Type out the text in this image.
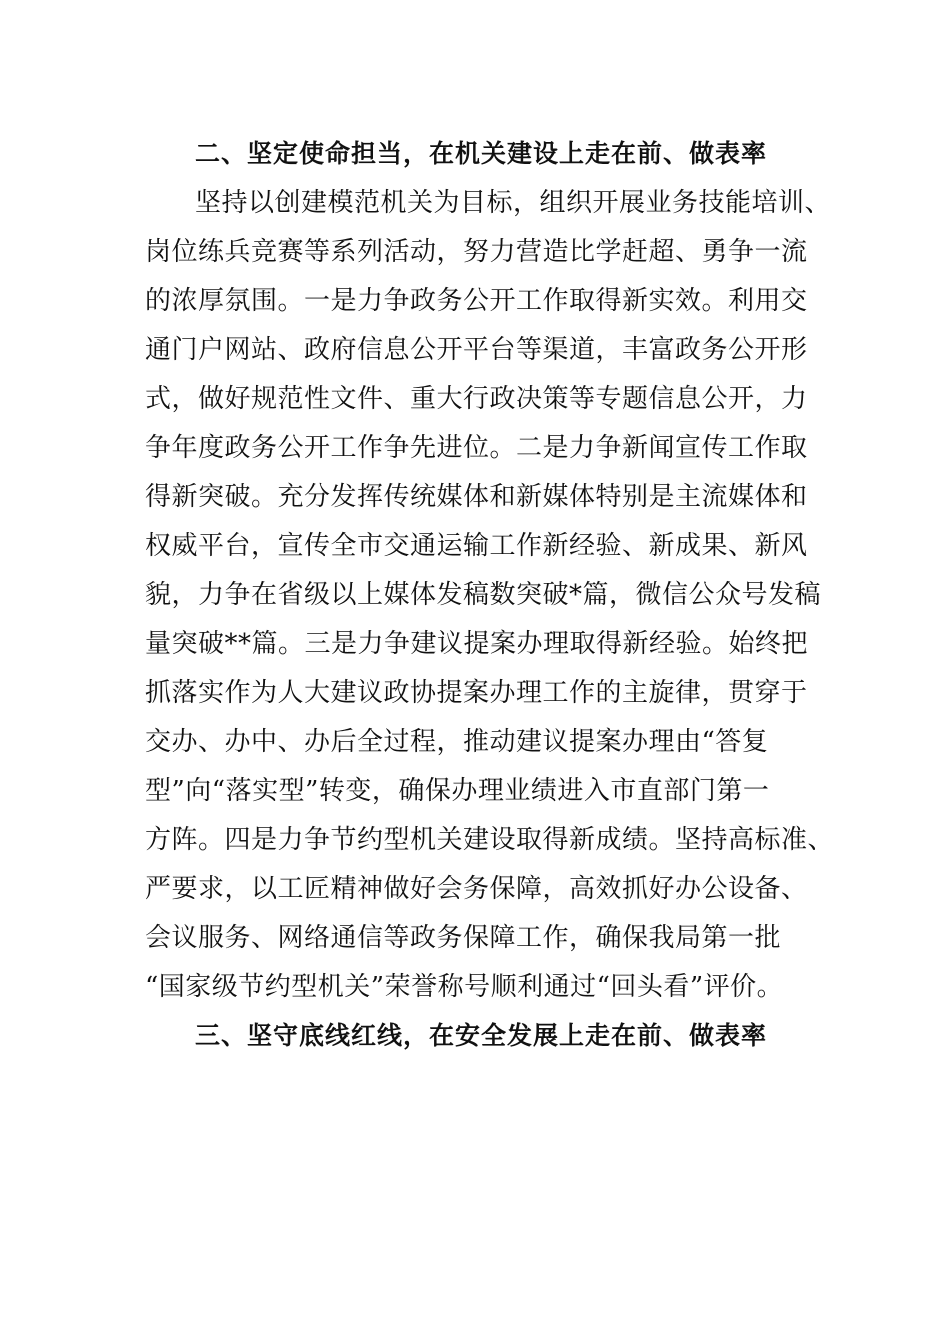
二、坚定使命担当，在机关建设上走在前、做表率
坚持以创建模范机关为目标，组织开展业务技能培训、
岗位练兵竞赛等系列活动，努力营造比学赶超、勇争一流
的浓厚氛围。一是力争政务公开工作取得新实效。利用交
通门户网站、政府信息公开平台等渠道，丰富政务公开形
式，做好规范性文件、重大行政决策等专题信息公开，力
争年度政务公开工作争先进位。二是力争新闻宣传工作取
得新突破。充分发挥传统媒体和新媒体特别是主流媒体和
权威平台，宣传全市交通运输工作新经验、新成果、新风
貌，力争在省级以上媒体发稿数突破*篇，微信公众号发稿
量突破**篇。三是力争建议提案办理取得新经验。始终把
抓落实作为人大建议政协提案办理工作的主旋律，贯穿于
交办、办中、办后全过程，推动建议提案办理由“答复
型”向“落实型”转变，确保办理业绩进入市直部门第一
方阵。四是力争节约型机关建设取得新成绩。坚持高标准、
严要求，以工匠精神做好会务保障，高效抓好办公设备、
会议服务、网络通信等政务保障工作，确保我局第一批
“国家级节约型机关”荣誉称号顺利通过“回头看”评价。
三、坚守底线红线，在安全发展上走在前、做表率
